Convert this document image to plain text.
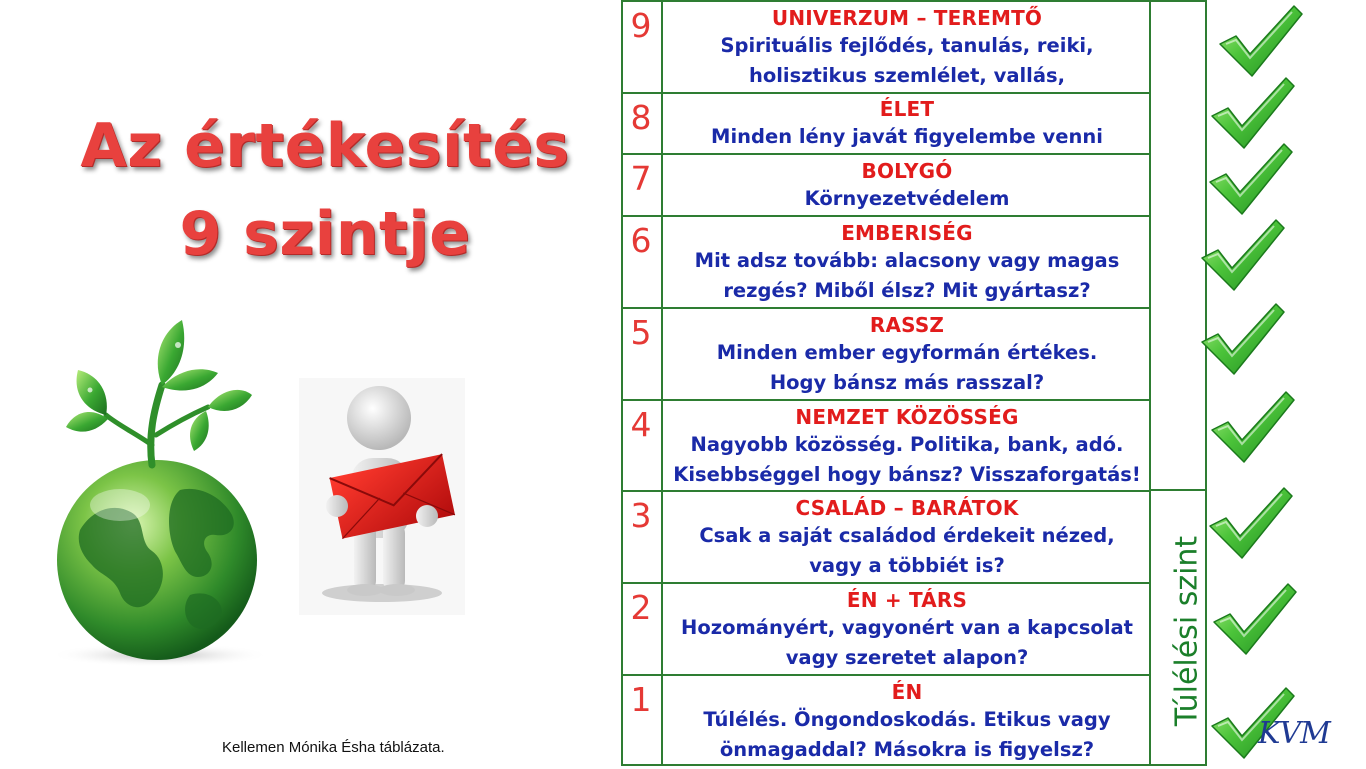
Az értékesítés
9 szintje
Kellemen Mónika Ésha táblázata.
9	UNIVERZUM – TEREMTŐ
Spirituális fejlődés, tanulás, reiki,
holisztikus szemlélet, vallás,
8	ÉLET
Minden lény javát figyelembe venni
7	BOLYGÓ
Környezetvédelem
6	EMBERISÉG
Mit adsz tovább: alacsony vagy magas
rezgés? Miből élsz? Mit gyártasz?
5	RASSZ
Minden ember egyformán értékes.
Hogy bánsz más rasszal?
4	NEMZET KÖZÖSSÉG
Nagyobb közösség. Politika, bank, adó.
Kisebbséggel hogy bánsz? Visszaforgatás!
3	CSALÁD – BARÁTOK
Csak a saját családod érdekeit nézed,
vagy a többiét is?
2	ÉN + TÁRS
Hozományért, vagyonért van a kapcsolat
vagy szeretet alapon?
1	ÉN
Túlélés. Öngondoskodás. Etikus vagy
önmagaddal? Másokra is figyelsz?
Túlélési szint
KVM
